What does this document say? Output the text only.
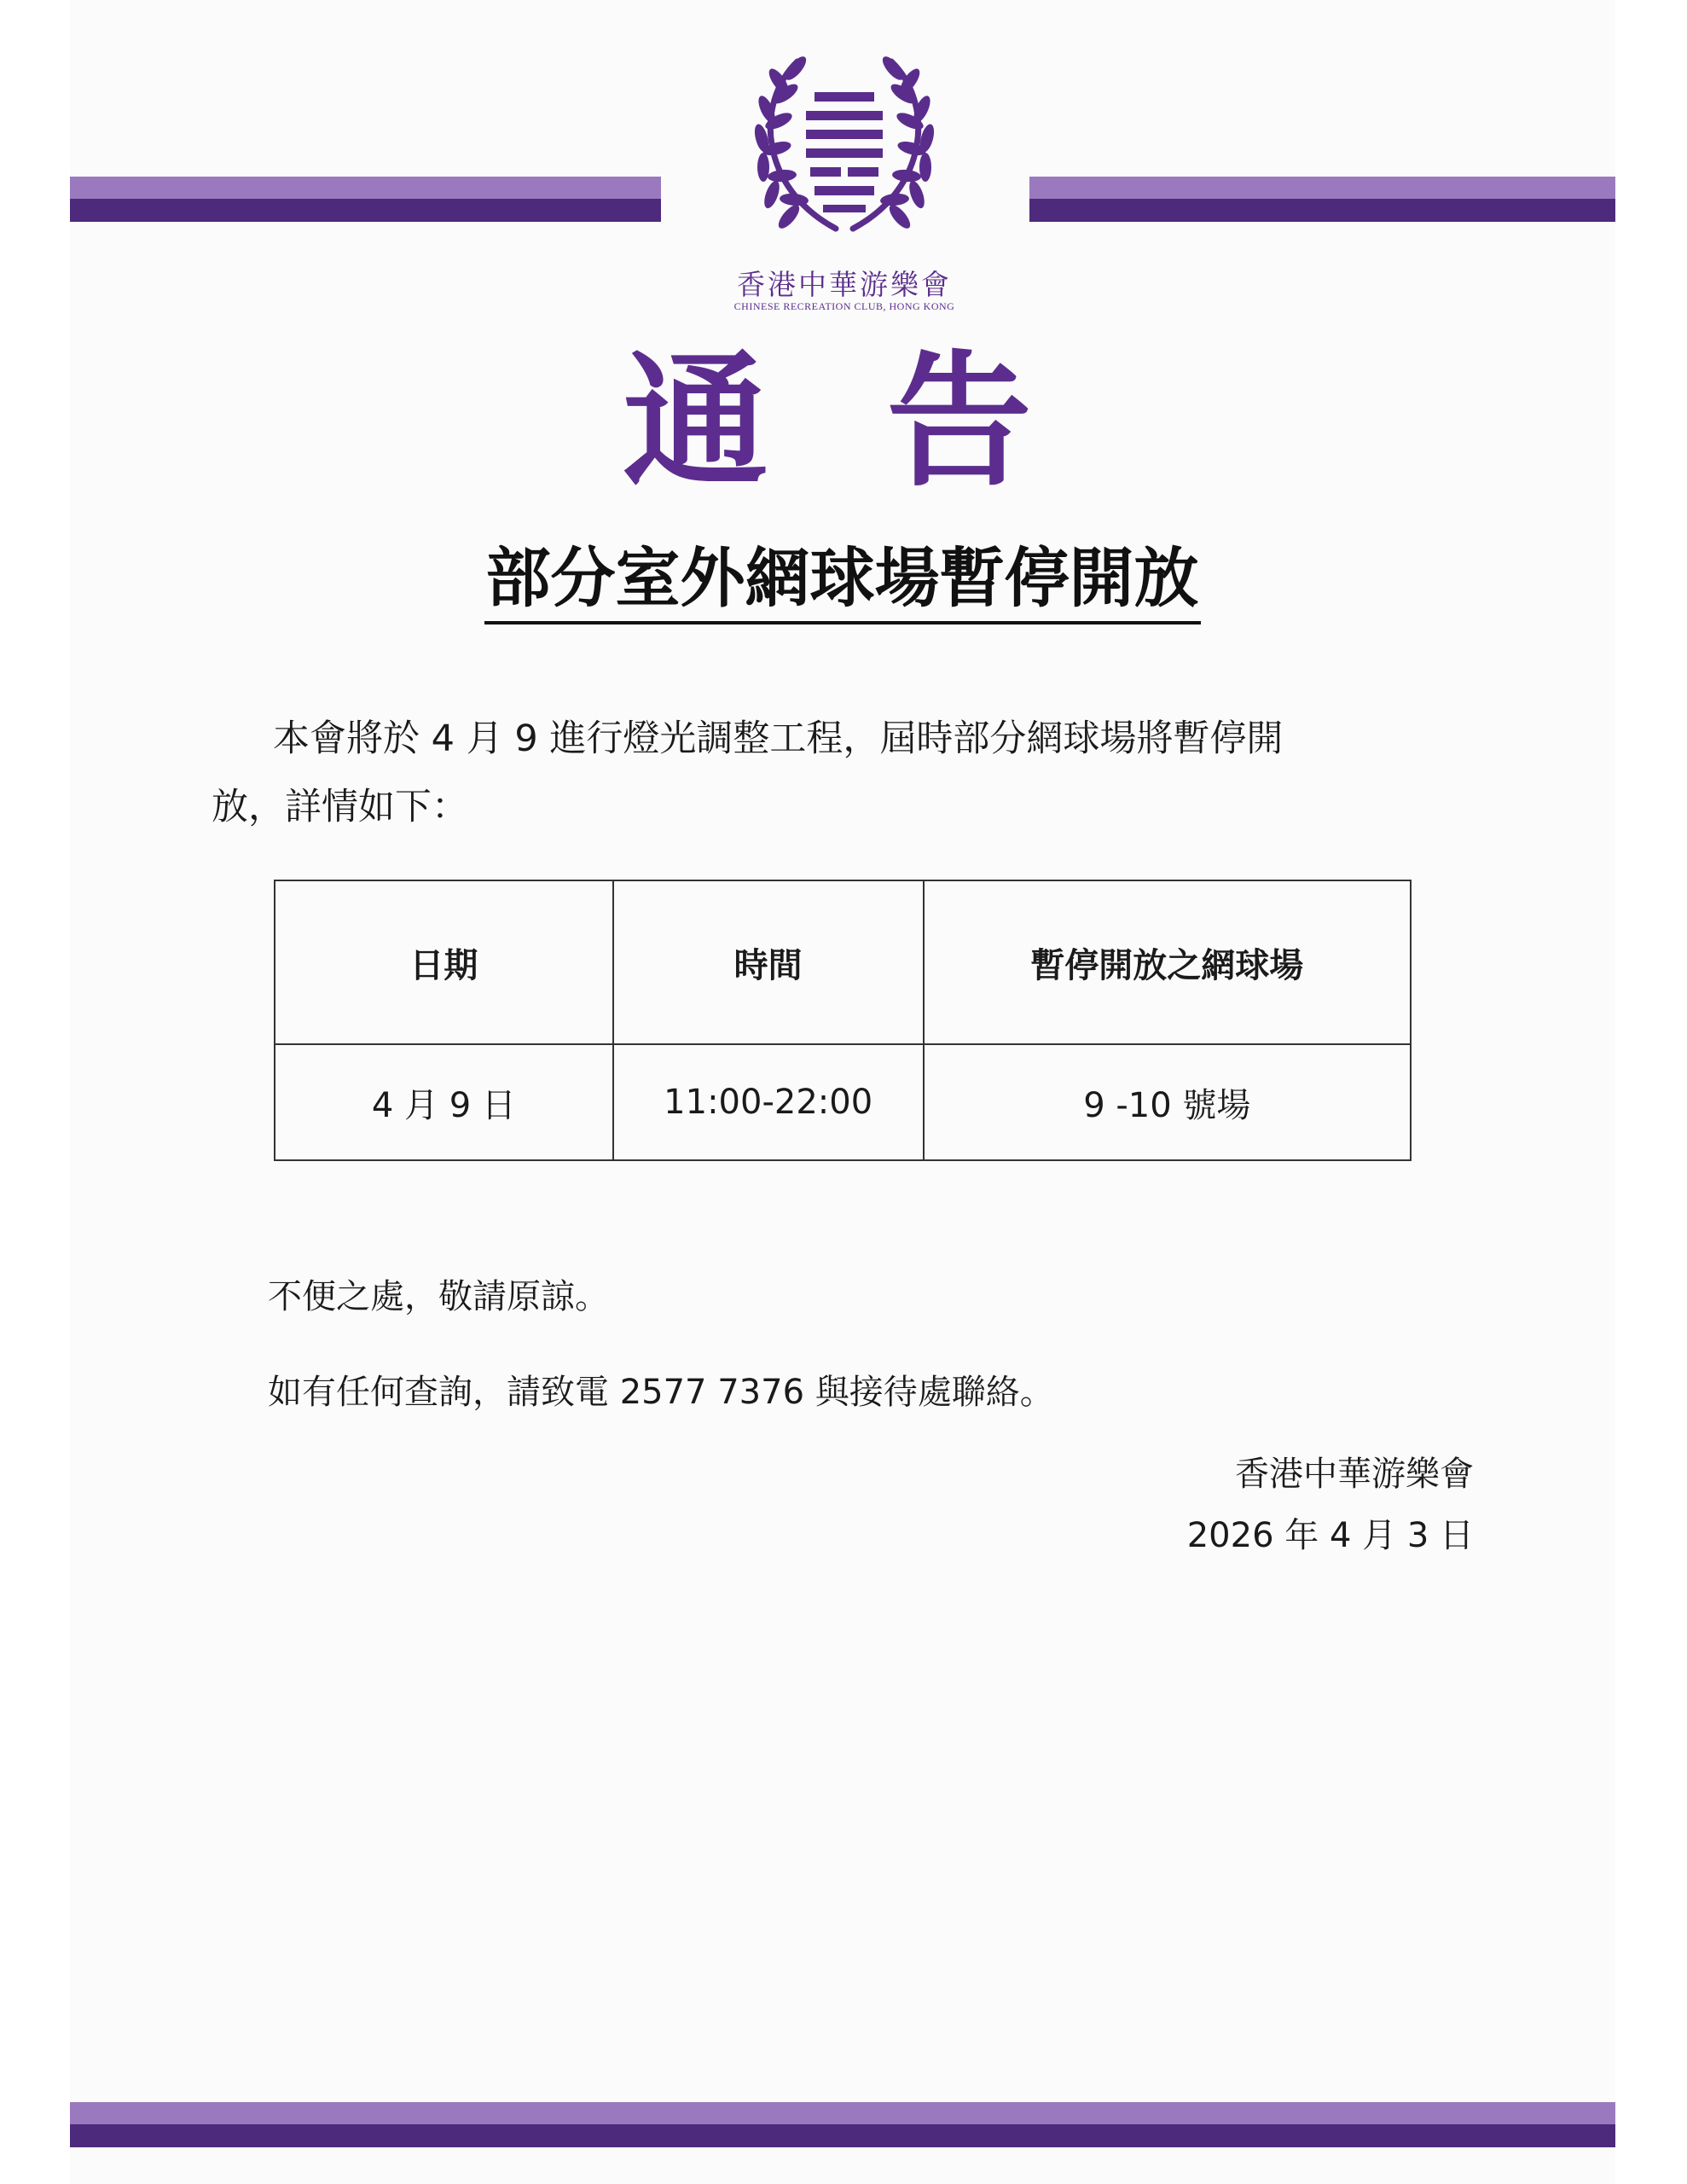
香港中華游樂會
CHINESE RECREATION CLUB, HONG KONG
通 告
部分室外網球場暫停開放
本會將於 4 月 9 進行燈光調整工程，屆時部分網球場將暫停開
放，詳情如下：
日期	時間	暫停開放之網球場
4 月 9 日	11:00-22:00	9 -10 號場
不便之處，敬請原諒。
如有任何查詢，請致電 2577 7376 與接待處聯絡。
香港中華游樂會
2026 年 4 月 3 日
